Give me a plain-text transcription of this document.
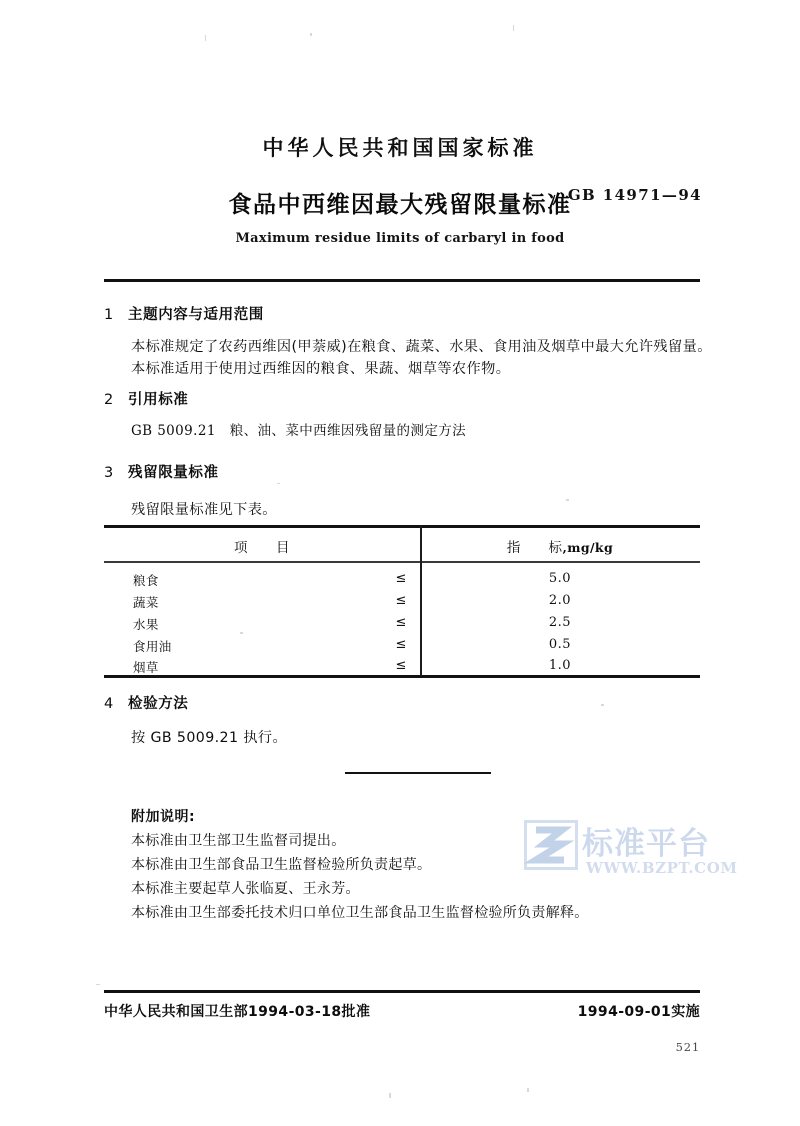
中华人民共和国国家标准
食品中西维因最大残留限量标准
GB 14971—94
Maximum residue limits of carbaryl in food
1 主题内容与适用范围
本标准规定了农药西维因(甲萘威)在粮食、蔬菜、水果、食用油及烟草中最大允许残留量。
本标准适用于使用过西维因的粮食、果蔬、烟草等农作物。
2 引用标准
GB 5009.21　粮、油、菜中西维因残留量的测定方法
3 残留限量标准
残留限量标准见下表。
项　　目	指　　标,mg/kg
粮食	≤	5.0
蔬菜	≤	2.0
水果	≤	2.5
食用油	≤	0.5
烟草	≤	1.0
4 检验方法
按 GB 5009.21 执行。
附加说明:
本标准由卫生部卫生监督司提出。
本标准由卫生部食品卫生监督检验所负责起草。
本标准主要起草人张临夏、王永芳。
本标准由卫生部委托技术归口单位卫生部食品卫生监督检验所负责解释。
标准平台
WWW.BZPT.COM
中华人民共和国卫生部1994-03-18批准	1994-09-01实施
521
